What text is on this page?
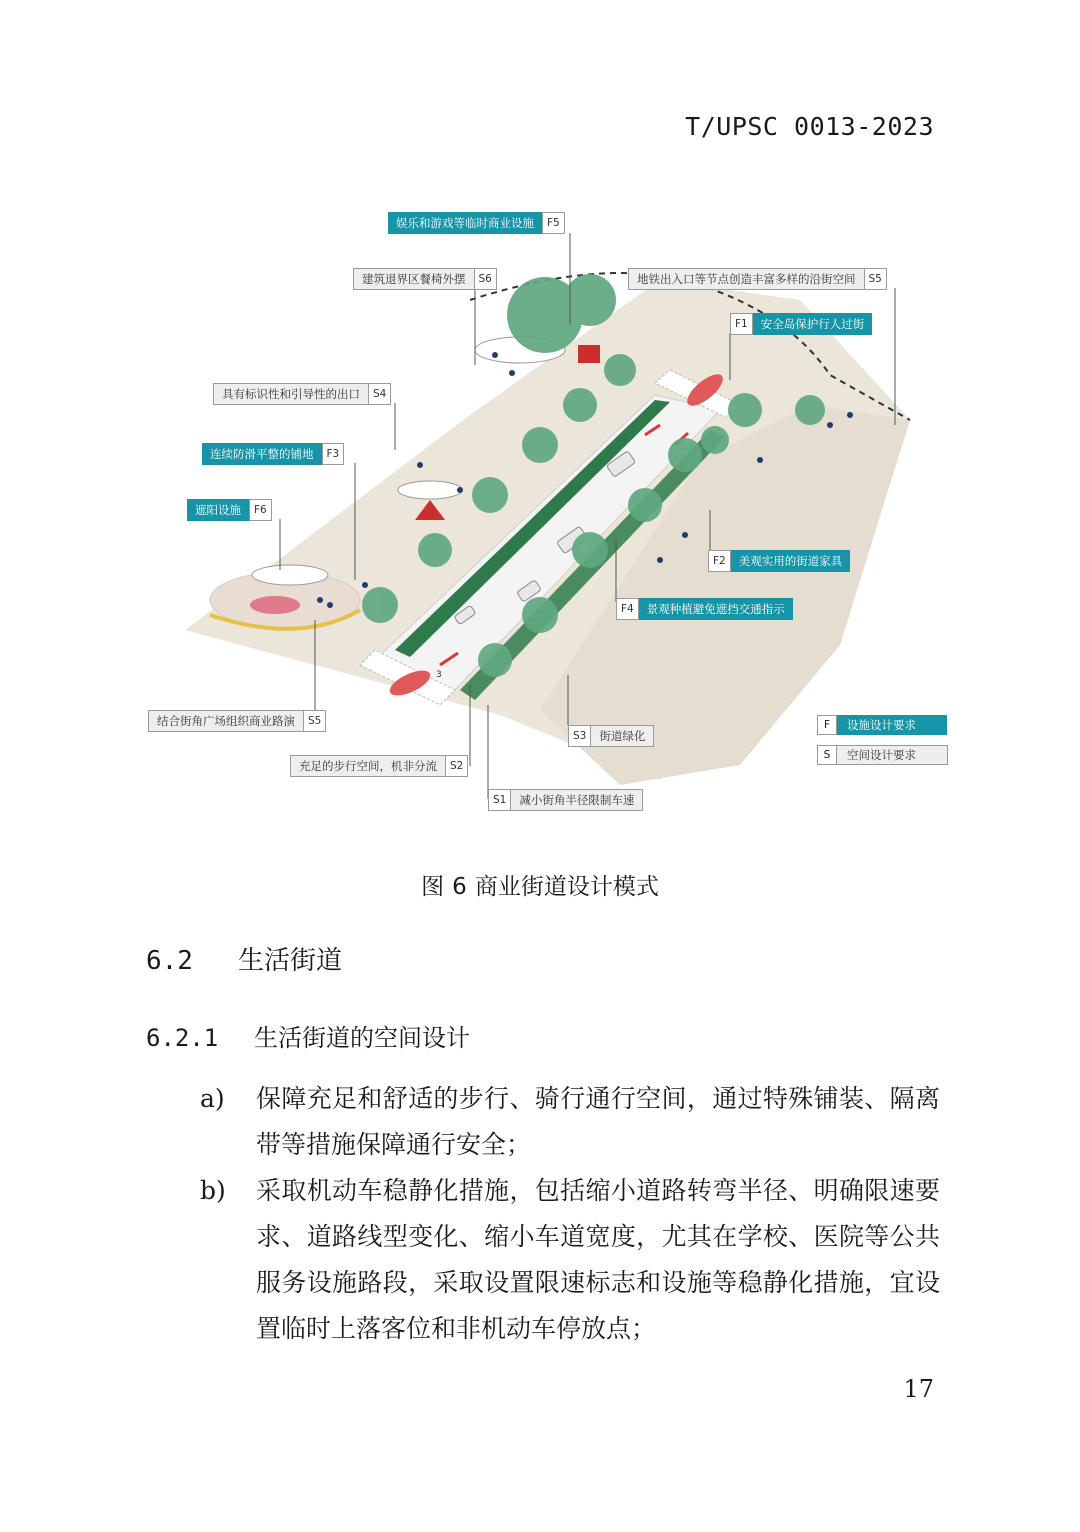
T/UPSC 0013-2023
3
娱乐和游戏等临时商业设施	F5
建筑退界区餐椅外摆	S6	地铁出入口等节点创造丰富多样的沿街空间	S5
安全岛保护行人过街
F1
具有标识性和引导性的出口	S4
连续防滑平整的铺地	F3
遮阳设施	F6
美观实用的街道家具
F2
景观种植避免遮挡交通指示
F4
结合街角广场组织商业路演	S5
街道绿化
S3
充足的步行空间，机非分流	S2
减小街角半径限制车速
S1
F	设施设计要求
S	空间设计要求
图 6 商业街道设计模式
6.2 生活街道
6.2.1 生活街道的空间设计
a)	保障充足和舒适的步行、骑行通行空间，通过特殊铺装、隔离带等措施保障通行安全；
b)	采取机动车稳静化措施，包括缩小道路转弯半径、明确限速要求、道路线型变化、缩小车道宽度，尤其在学校、医院等公共服务设施路段，采取设置限速标志和设施等稳静化措施，宜设置临时上落客位和非机动车停放点；
17
